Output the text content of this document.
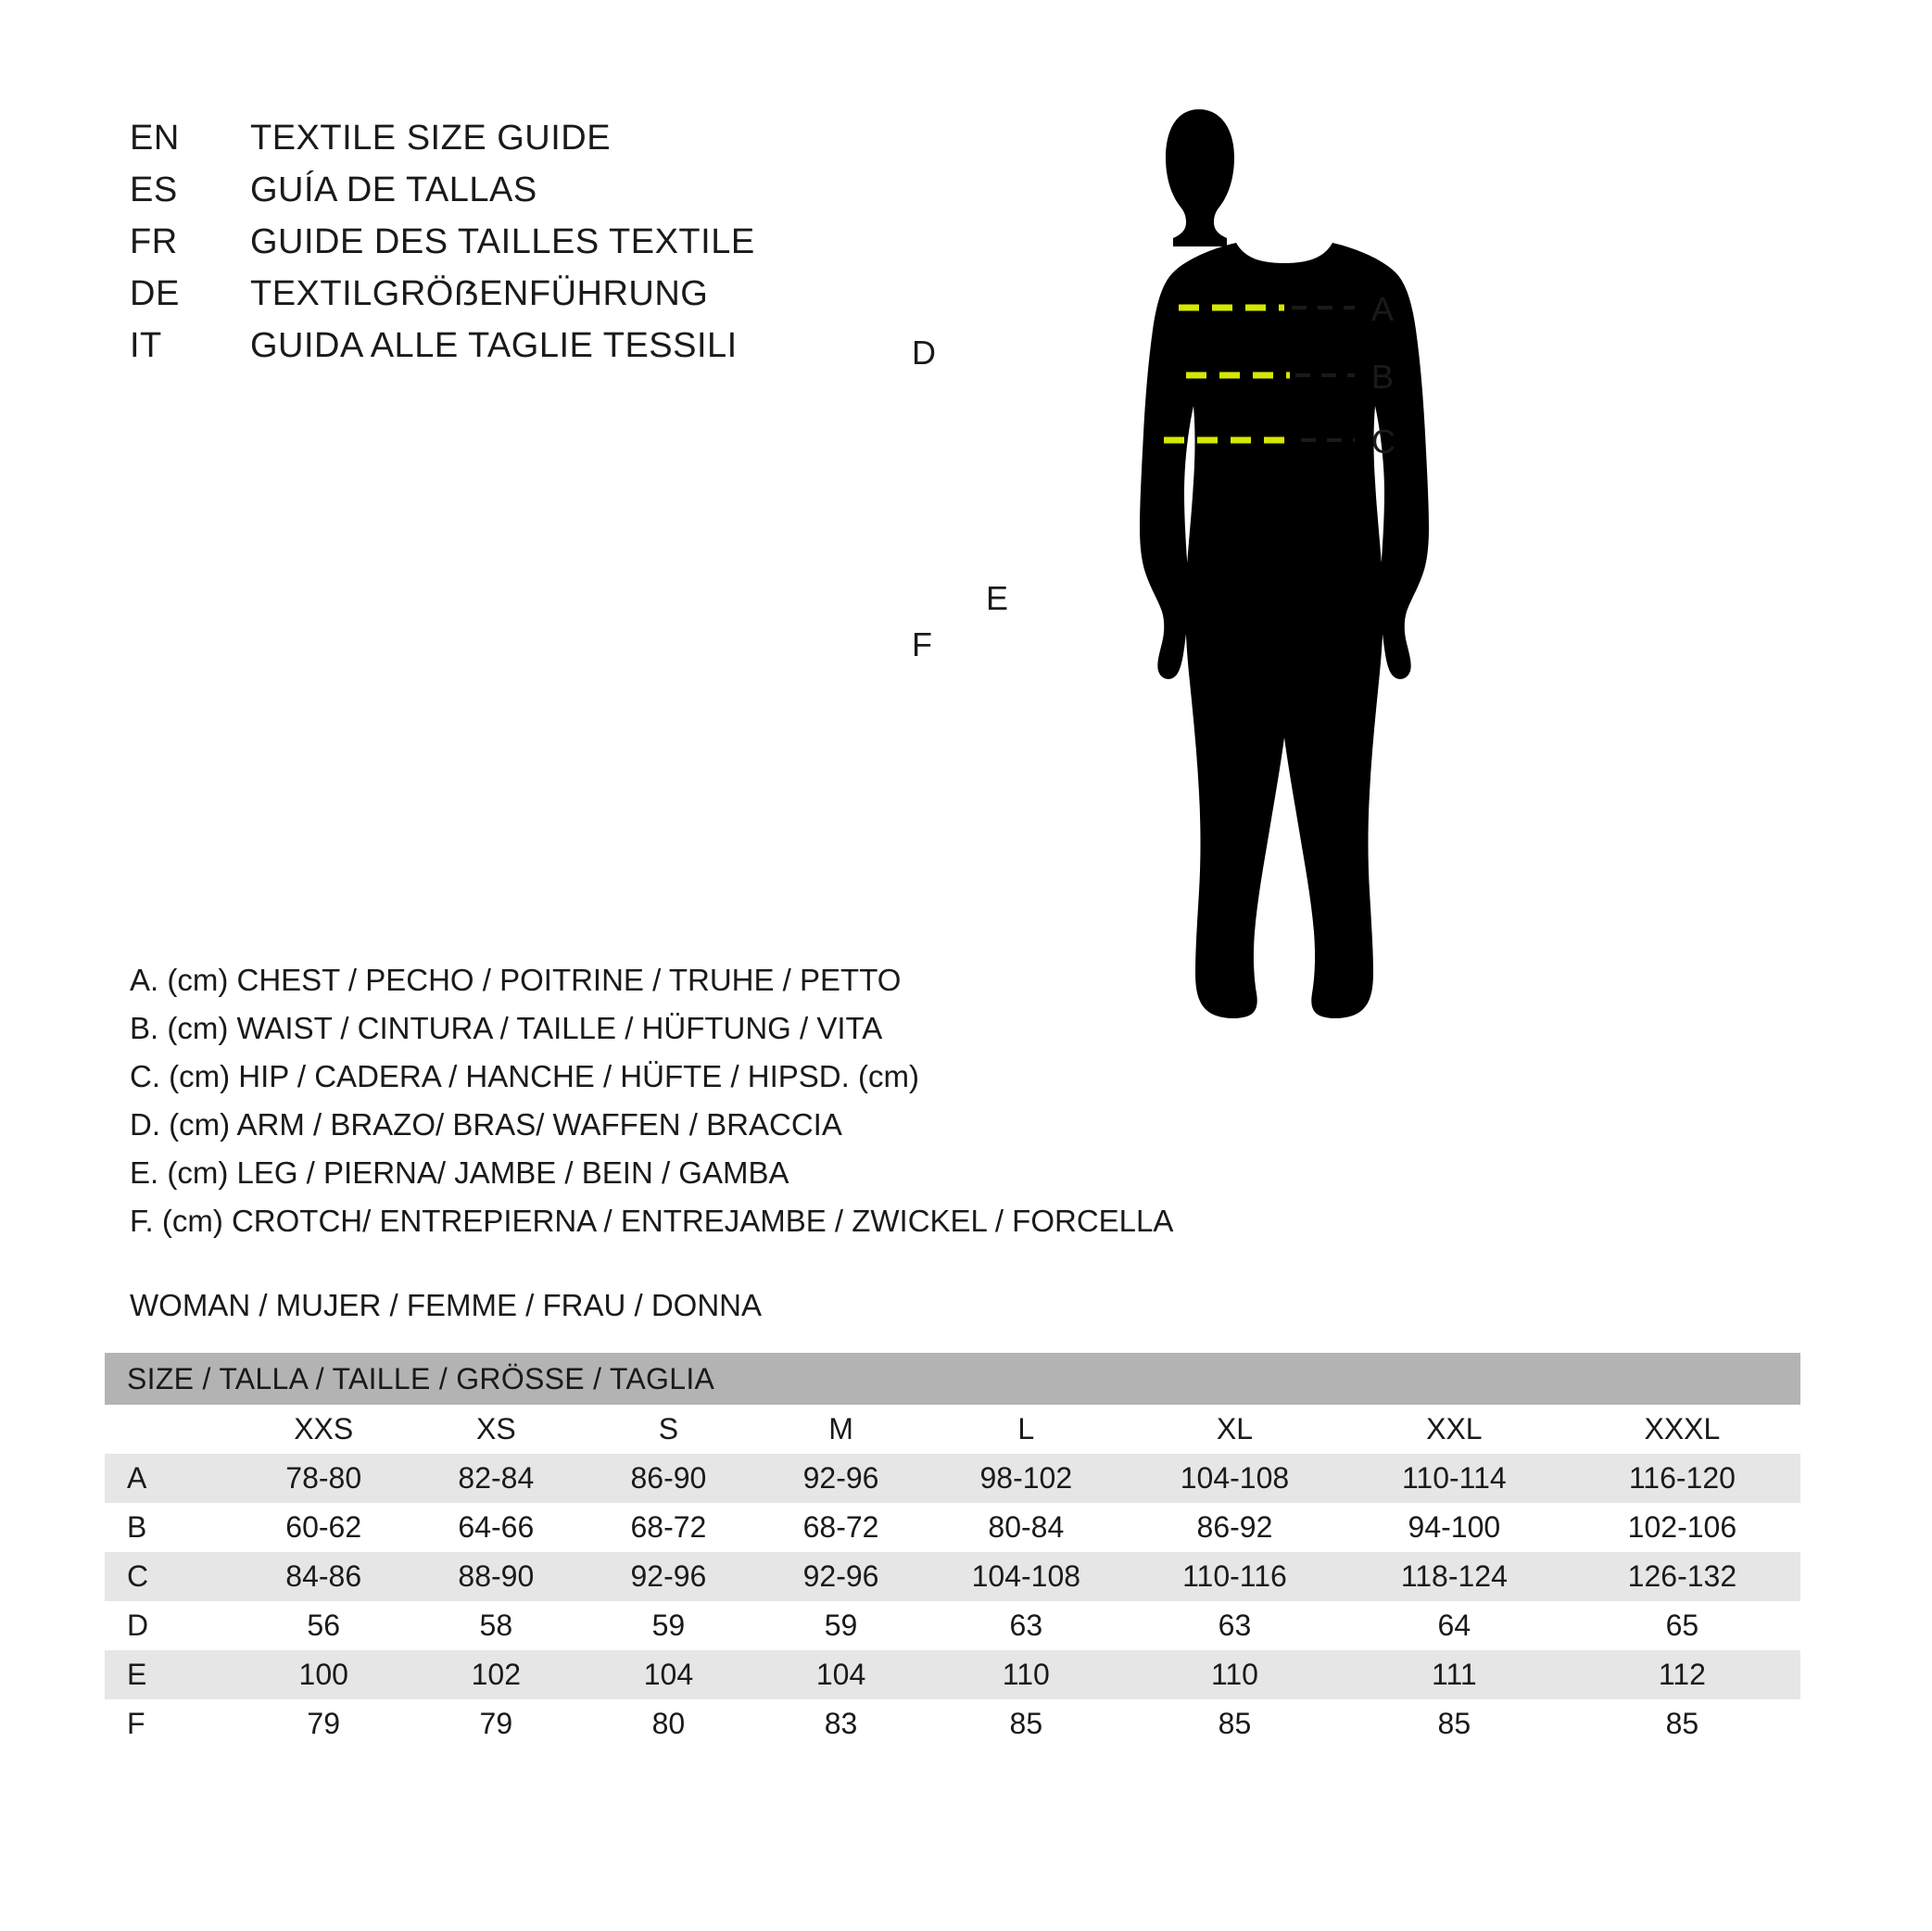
EN	TEXTILE SIZE GUIDE
ES	GUÍA DE TALLAS
FR	GUIDE DES TAILLES TEXTILE
DE	TEXTILGRÖẞENFÜHRUNG
IT	GUIDA ALLE TAGLIE TESSILI
A
B
C
D
E
F
A. (cm) CHEST / PECHO / POITRINE / TRUHE / PETTO
B. (cm) WAIST / CINTURA / TAILLE / HÜFTUNG / VITA
C. (cm) HIP / CADERA / HANCHE / HÜFTE / HIPSD. (cm)
D. (cm) ARM / BRAZO/ BRAS/ WAFFEN / BRACCIA
E. (cm) LEG / PIERNA/ JAMBE / BEIN / GAMBA
F. (cm) CROTCH/ ENTREPIERNA / ENTREJAMBE / ZWICKEL / FORCELLA
WOMAN / MUJER / FEMME / FRAU / DONNA
SIZE / TALLA / TAILLE / GRÖSSE / TAGLIA								
	XXS	XS	S	M	L	XL	XXL	XXXL
A	78-80	82-84	86-90	92-96	98-102	104-108	110-114	116-120
B	60-62	64-66	68-72	68-72	80-84	86-92	94-100	102-106
C	84-86	88-90	92-96	92-96	104-108	110-116	118-124	126-132
D	56	58	59	59	63	63	64	65
E	100	102	104	104	110	110	111	112
F	79	79	80	83	85	85	85	85
